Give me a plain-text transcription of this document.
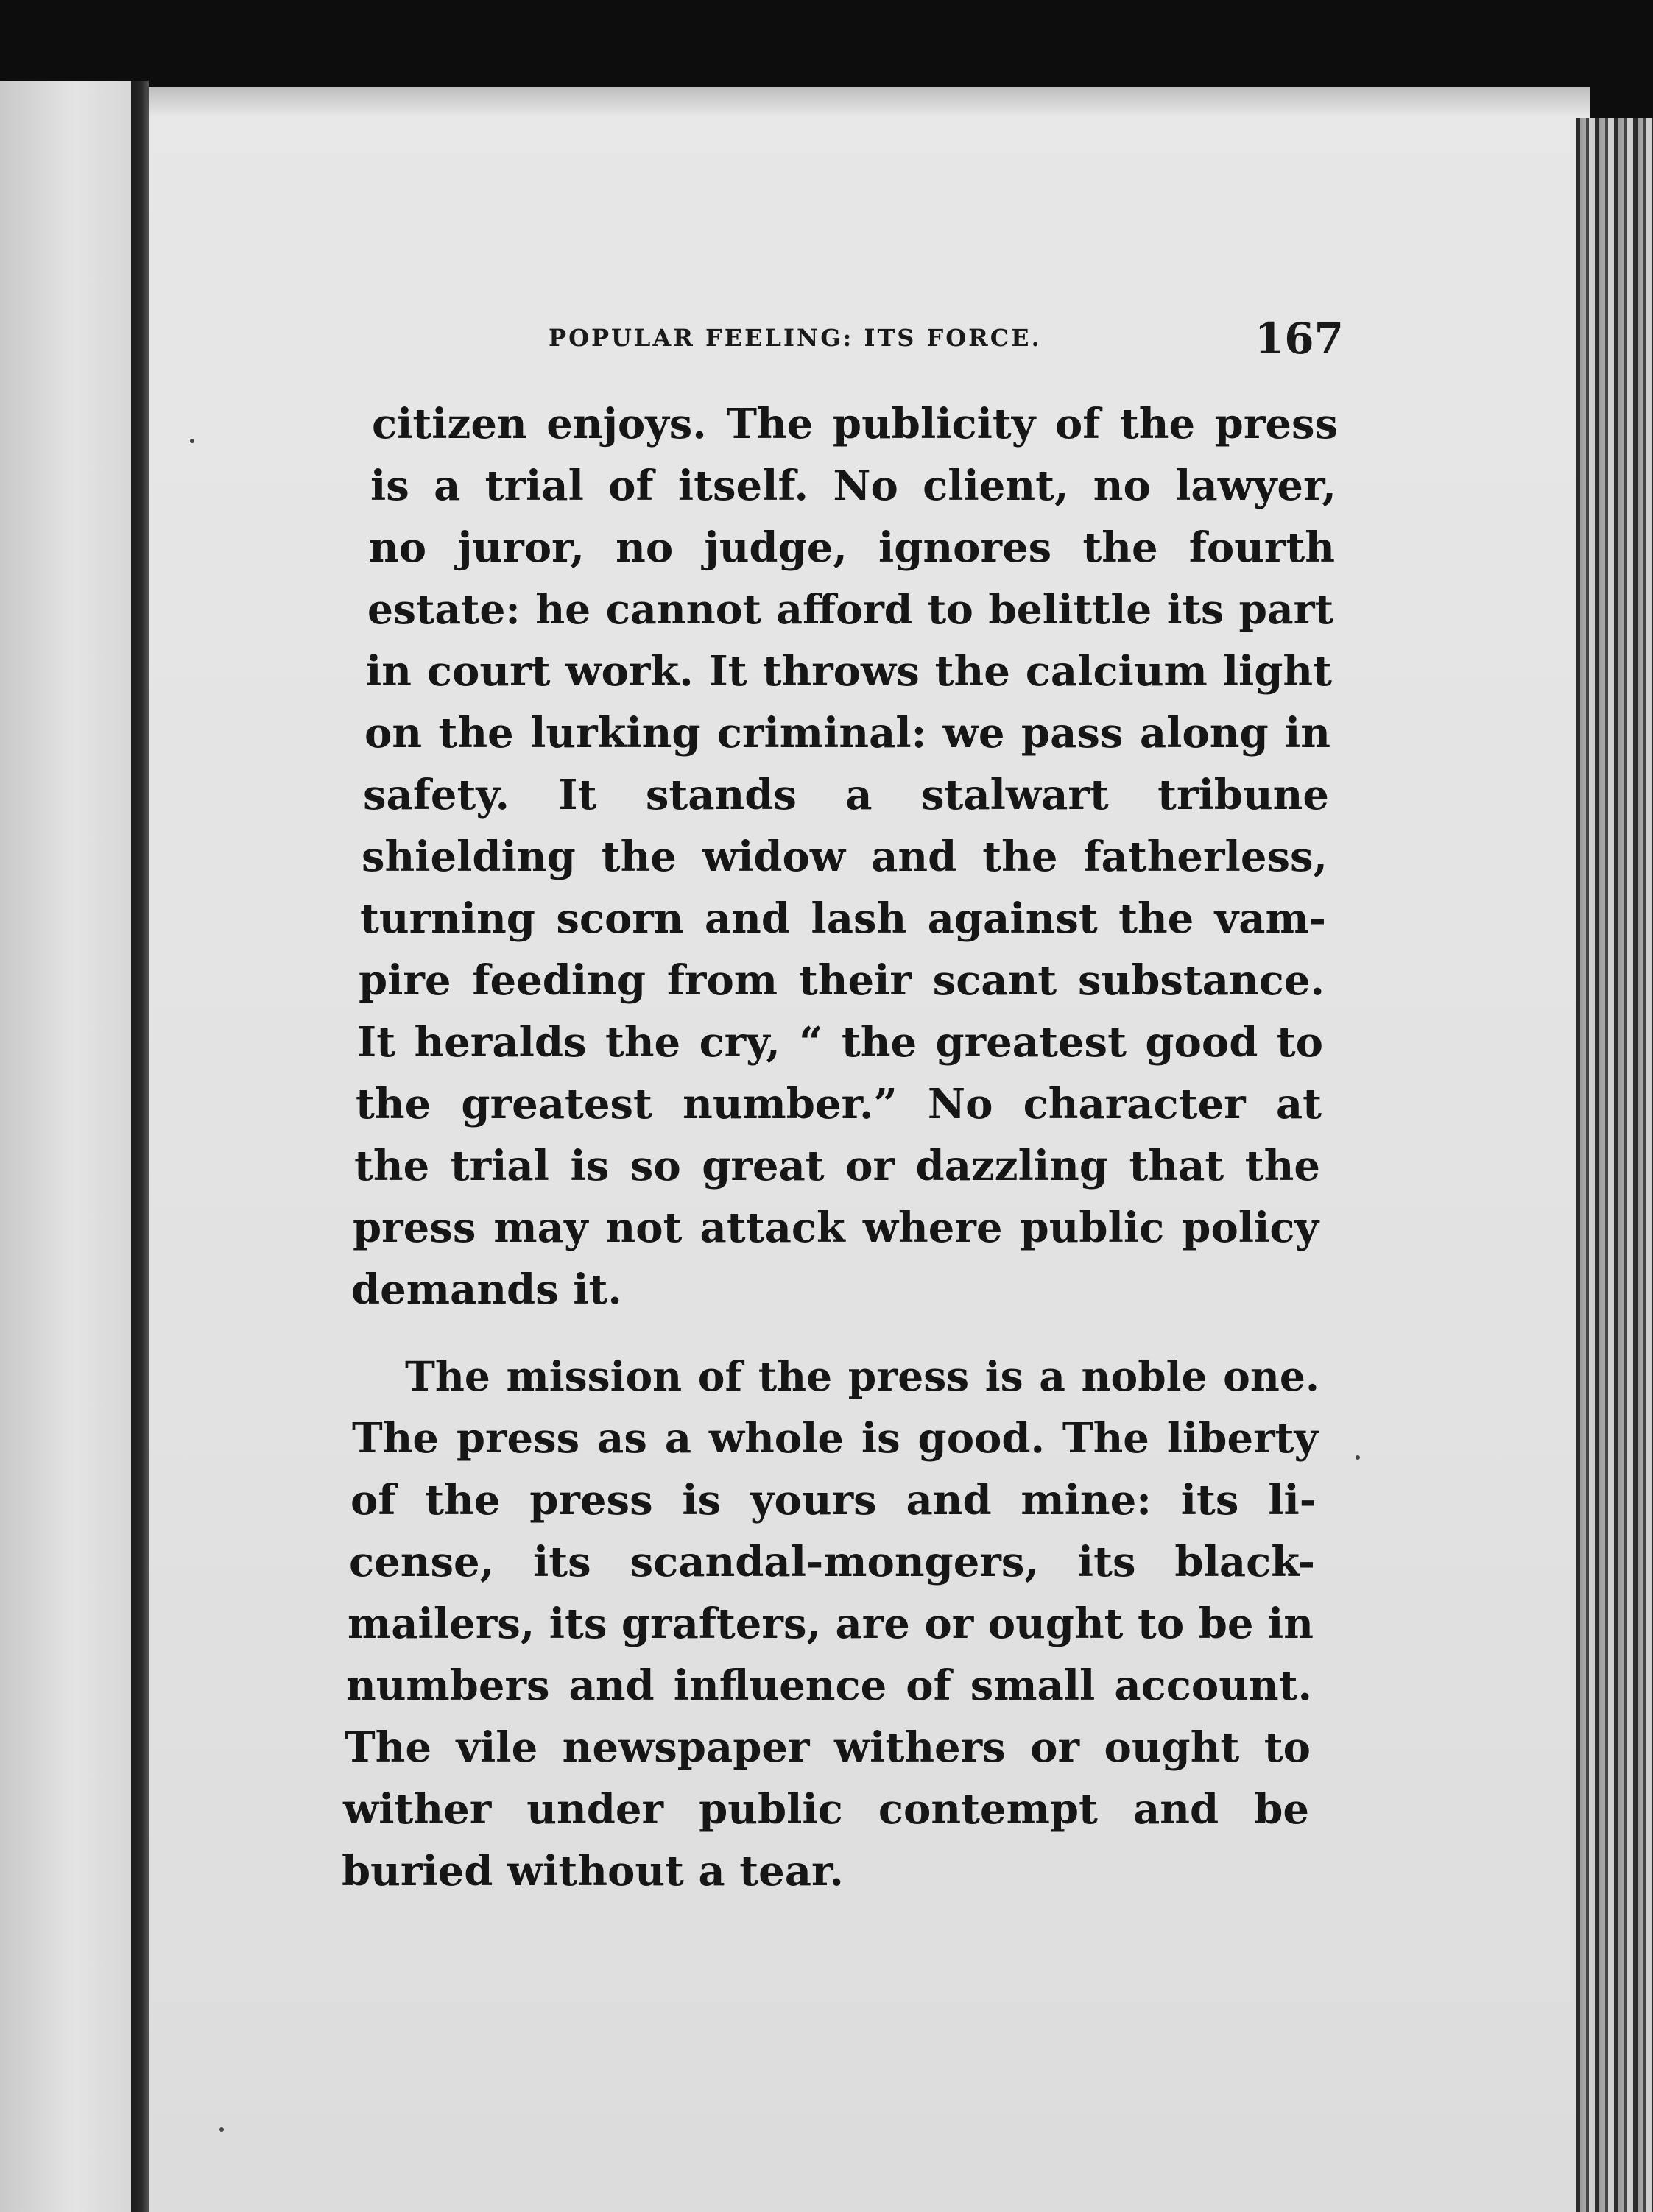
POPULAR FEELING: ITS FORCE.	167
citizen enjoys. The publicity of the press
is a trial of itself. No client, no lawyer,
no juror, no judge, ignores the fourth
estate: he cannot afford to belittle its part
in court work. It throws the calcium light
on the lurking criminal: we pass along in
safety. It stands a stalwart tribune
shielding the widow and the fatherless,
turning scorn and lash against the vam-
pire feeding from their scant substance.
It heralds the cry, “ the greatest good to
the greatest number.” No character at
the trial is so great or dazzling that the
press may not attack where public policy
demands it.
The mission of the press is a noble one.
The press as a whole is good. The liberty
of the press is yours and mine: its li-
cense, its scandal-mongers, its black-
mailers, its grafters, are or ought to be in
numbers and influence of small account.
The vile newspaper withers or ought to
wither under public contempt and be
buried without a tear.
